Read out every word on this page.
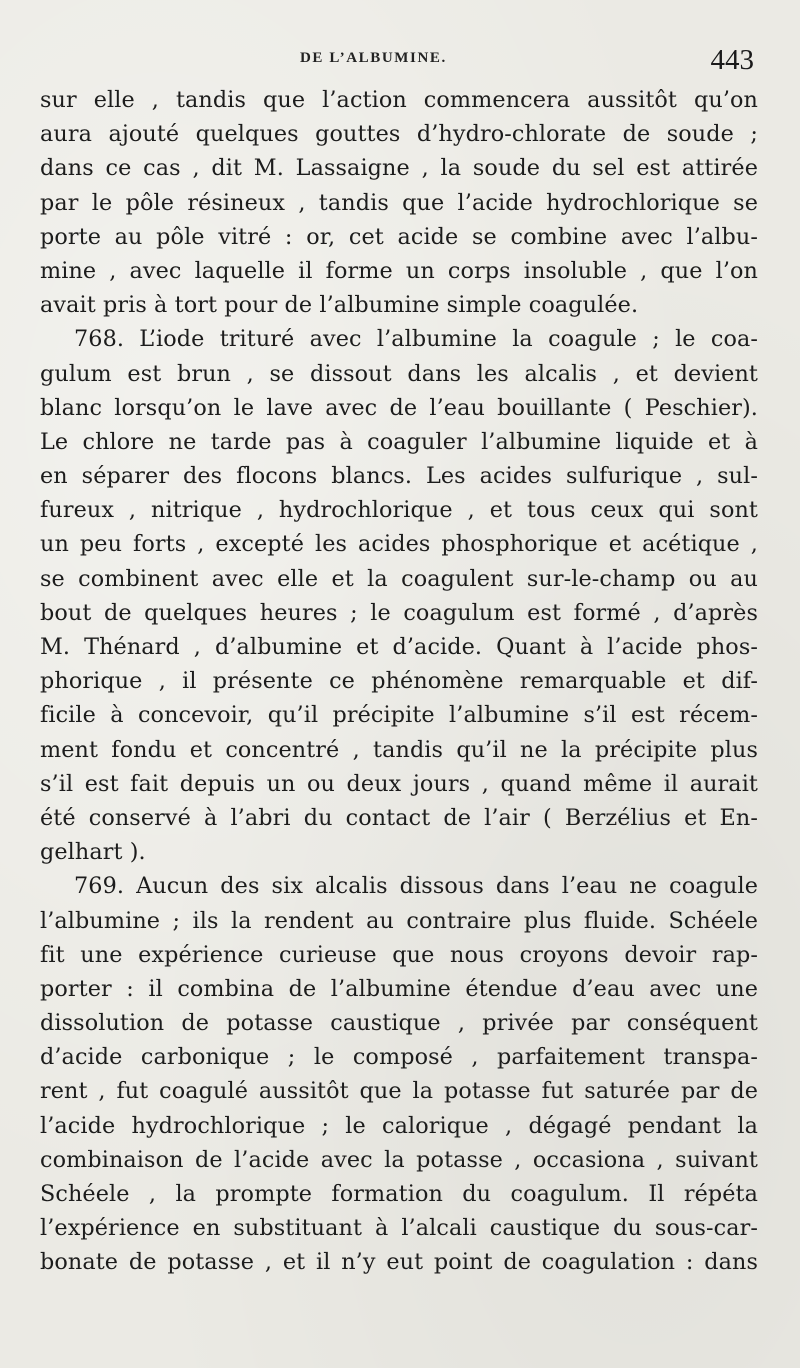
DE L’ALBUMINE.	443
sur elle , tandis que l’action commencera aussitôt qu’on
aura ajouté quelques gouttes d’hydro-chlorate de soude ;
dans ce cas , dit M. Lassaigne , la soude du sel est attirée
par le pôle résineux , tandis que l’acide hydrochlorique se
porte au pôle vitré : or, cet acide se combine avec l’albu-
mine , avec laquelle il forme un corps insoluble , que l’on
avait pris à tort pour de l’albumine simple coagulée.
768. L’iode trituré avec l’albumine la coagule ; le coa-
gulum est brun , se dissout dans les alcalis , et devient
blanc lorsqu’on le lave avec de l’eau bouillante ( Peschier).
Le chlore ne tarde pas à coaguler l’albumine liquide et à
en séparer des flocons blancs. Les acides sulfurique , sul-
fureux , nitrique , hydrochlorique , et tous ceux qui sont
un peu forts , excepté les acides phosphorique et acétique ,
se combinent avec elle et la coagulent sur-le-champ ou au
bout de quelques heures ; le coagulum est formé , d’après
M. Thénard , d’albumine et d’acide. Quant à l’acide phos-
phorique , il présente ce phénomène remarquable et dif-
ficile à concevoir, qu’il précipite l’albumine s’il est récem-
ment fondu et concentré , tandis qu’il ne la précipite plus
s’il est fait depuis un ou deux jours , quand même il aurait
été conservé à l’abri du contact de l’air ( Berzélius et En-
gelhart ).
769. Aucun des six alcalis dissous dans l’eau ne coagule
l’albumine ; ils la rendent au contraire plus fluide. Schéele
fit une expérience curieuse que nous croyons devoir rap-
porter : il combina de l’albumine étendue d’eau avec une
dissolution de potasse caustique , privée par conséquent
d’acide carbonique ; le composé , parfaitement transpa-
rent , fut coagulé aussitôt que la potasse fut saturée par de
l’acide hydrochlorique ; le calorique , dégagé pendant la
combinaison de l’acide avec la potasse , occasiona , suivant
Schéele , la prompte formation du coagulum. Il répéta
l’expérience en substituant à l’alcali caustique du sous-car-
bonate de potasse , et il n’y eut point de coagulation : dans
